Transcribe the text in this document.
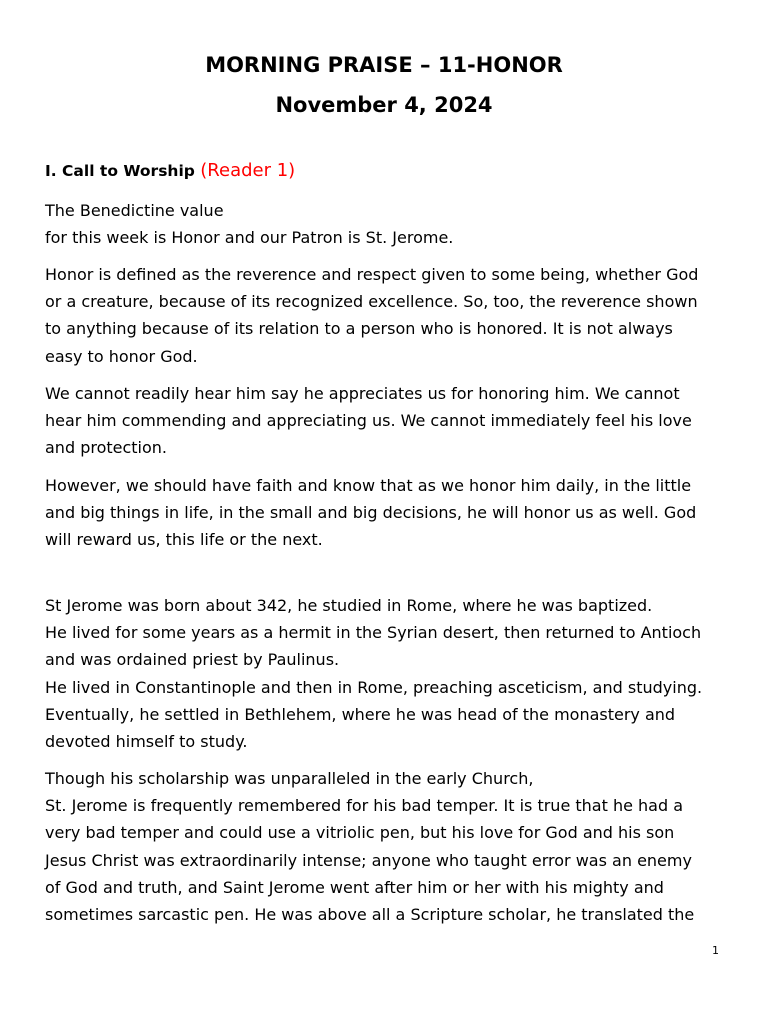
MORNING PRAISE – 11-HONOR
November 4, 2024
I. Call to Worship (Reader 1)
The Benedictine value
for this week is Honor and our Patron is St. Jerome.
Honor is defined as the reverence and respect given to some being, whether God
or a creature, because of its recognized excellence. So, too, the reverence shown
to anything because of its relation to a person who is honored. It is not always
easy to honor God.
We cannot readily hear him say he appreciates us for honoring him. We cannot
hear him commending and appreciating us. We cannot immediately feel his love
and protection.
However, we should have faith and know that as we honor him daily, in the little
and big things in life, in the small and big decisions, he will honor us as well. God
will reward us, this life or the next.
St Jerome was born about 342, he studied in Rome, where he was baptized.
He lived for some years as a hermit in the Syrian desert, then returned to Antioch
and was ordained priest by Paulinus.
He lived in Constantinople and then in Rome, preaching asceticism, and studying.
Eventually, he settled in Bethlehem, where he was head of the monastery and
devoted himself to study.
Though his scholarship was unparalleled in the early Church,
St. Jerome is frequently remembered for his bad temper. It is true that he had a
very bad temper and could use a vitriolic pen, but his love for God and his son
Jesus Christ was extraordinarily intense; anyone who taught error was an enemy
of God and truth, and Saint Jerome went after him or her with his mighty and
sometimes sarcastic pen. He was above all a Scripture scholar, he translated the
1
